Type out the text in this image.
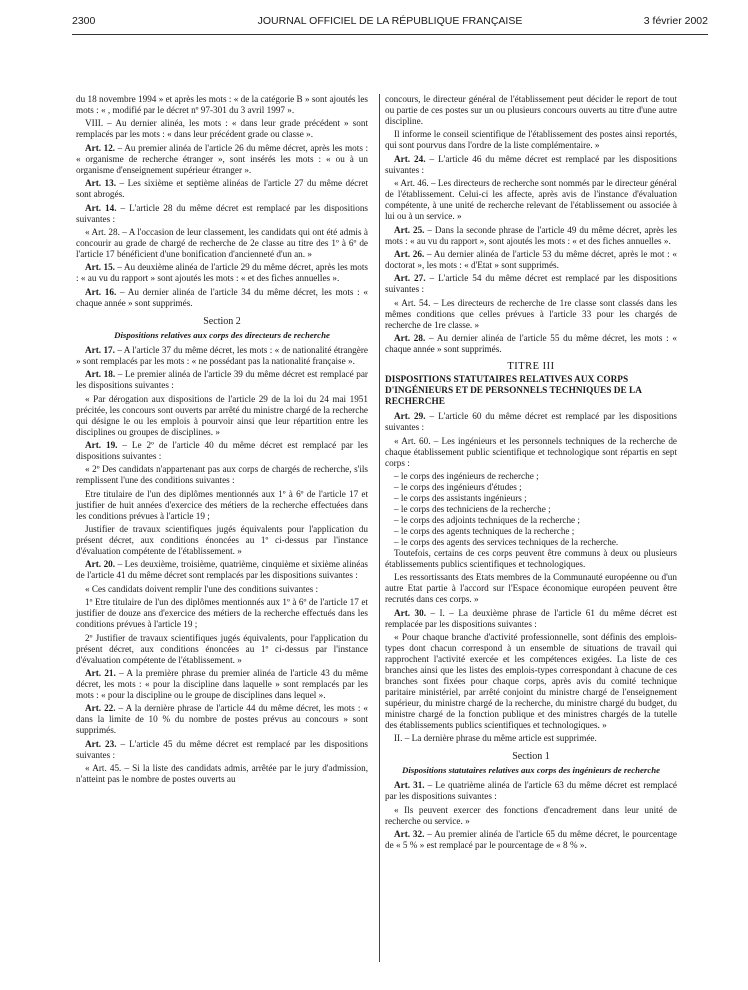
2300	JOURNAL OFFICIEL DE LA RÉPUBLIQUE FRANÇAISE	3 février 2002

du 18 novembre 1994 » et après les mots : « de la catégorie B » sont ajoutés les mots : « , modifié par le décret nº 97-301 du 3 avril 1997 ».

VIII. – Au dernier alinéa, les mots : « dans leur grade précédent » sont remplacés par les mots : « dans leur précédent grade ou classe ».

Art. 12. – Au premier alinéa de l'article 26 du même décret, après les mots : « organisme de recherche étranger », sont insérés les mots : « ou à un organisme d'enseignement supérieur étranger ».

Art. 13. – Les sixième et septième alinéas de l'article 27 du même décret sont abrogés.

Art. 14. – L'article 28 du même décret est remplacé par les dispositions suivantes :

« Art. 28. – A l'occasion de leur classement, les candidats qui ont été admis à concourir au grade de chargé de recherche de 2e classe au titre des 1º à 6º de l'article 17 bénéficient d'une bonification d'ancienneté d'un an. »

Art. 15. – Au deuxième alinéa de l'article 29 du même décret, après les mots : « au vu du rapport » sont ajoutés les mots : « et des fiches annuelles ».

Art. 16. – Au dernier alinéa de l'article 34 du même décret, les mots : « chaque année » sont supprimés.

Section 2
Dispositions relatives aux corps des directeurs de recherche

Art. 17. – A l'article 37 du même décret, les mots : « de nationalité étrangère » sont remplacés par les mots : « ne possédant pas la nationalité française ».

Art. 18. – Le premier alinéa de l'article 39 du même décret est remplacé par les dispositions suivantes :

« Par dérogation aux dispositions de l'article 29 de la loi du 24 mai 1951 précitée, les concours sont ouverts par arrêté du ministre chargé de la recherche qui désigne le ou les emplois à pourvoir ainsi que leur répartition entre les disciplines ou groupes de disciplines. »

Art. 19. – Le 2º de l'article 40 du même décret est remplacé par les dispositions suivantes :

« 2º Des candidats n'appartenant pas aux corps de chargés de recherche, s'ils remplissent l'une des conditions suivantes :

Etre titulaire de l'un des diplômes mentionnés aux 1º à 6º de l'article 17 et justifier de huit années d'exercice des métiers de la recherche effectuées dans les conditions prévues à l'article 19 ;

Justifier de travaux scientifiques jugés équivalents pour l'application du présent décret, aux conditions énoncées au 1º ci-dessus par l'instance d'évaluation compétente de l'établissement. »

Art. 20. – Les deuxième, troisième, quatrième, cinquième et sixième alinéas de l'article 41 du même décret sont remplacés par les dispositions suivantes :

« Ces candidats doivent remplir l'une des conditions suivantes :

1º Etre titulaire de l'un des diplômes mentionnés aux 1º à 6º de l'article 17 et justifier de douze ans d'exercice des métiers de la recherche effectués dans les conditions prévues à l'article 19 ;

2º Justifier de travaux scientifiques jugés équivalents, pour l'application du présent décret, aux conditions énoncées au 1º ci-dessus par l'instance d'évaluation compétente de l'établissement. »

Art. 21. – A la première phrase du premier alinéa de l'article 43 du même décret, les mots : « pour la discipline dans laquelle » sont remplacés par les mots : « pour la discipline ou le groupe de disciplines dans lequel ».

Art. 22. – A la dernière phrase de l'article 44 du même décret, les mots : « dans la limite de 10 % du nombre de postes prévus au concours » sont supprimés.

Art. 23. – L'article 45 du même décret est remplacé par les dispositions suivantes :

« Art. 45. – Si la liste des candidats admis, arrêtée par le jury d'admission, n'atteint pas le nombre de postes ouverts au

concours, le directeur général de l'établissement peut décider le report de tout ou partie de ces postes sur un ou plusieurs concours ouverts au titre d'une autre discipline.

Il informe le conseil scientifique de l'établissement des postes ainsi reportés, qui sont pourvus dans l'ordre de la liste complémentaire. »

Art. 24. – L'article 46 du même décret est remplacé par les dispositions suivantes :

« Art. 46. – Les directeurs de recherche sont nommés par le directeur général de l'établissement. Celui-ci les affecte, après avis de l'instance d'évaluation compétente, à une unité de recherche relevant de l'établissement ou associée à lui ou à un service. »

Art. 25. – Dans la seconde phrase de l'article 49 du même décret, après les mots : « au vu du rapport », sont ajoutés les mots : « et des fiches annuelles ».

Art. 26. – Au dernier alinéa de l'article 53 du même décret, après le mot : « doctorat », les mots : « d'Etat » sont supprimés.

Art. 27. – L'article 54 du même décret est remplacé par les dispositions suivantes :

« Art. 54. – Les directeurs de recherche de 1re classe sont classés dans les mêmes conditions que celles prévues à l'article 33 pour les chargés de recherche de 1re classe. »

Art. 28. – Au dernier alinéa de l'article 55 du même décret, les mots : « chaque année » sont supprimés.

TITRE III
DISPOSITIONS STATUTAIRES RELATIVES AUX CORPS D'INGÉNIEURS ET DE PERSONNELS TECHNIQUES DE LA RECHERCHE

Art. 29. – L'article 60 du même décret est remplacé par les dispositions suivantes :

« Art. 60. – Les ingénieurs et les personnels techniques de la recherche de chaque établissement public scientifique et technologique sont répartis en sept corps :

– le corps des ingénieurs de recherche ;
– le corps des ingénieurs d'études ;
– le corps des assistants ingénieurs ;
– le corps des techniciens de la recherche ;
– le corps des adjoints techniques de la recherche ;
– le corps des agents techniques de la recherche ;
– le corps des agents des services techniques de la recherche.

Toutefois, certains de ces corps peuvent être communs à deux ou plusieurs établissements publics scientifiques et technologiques.

Les ressortissants des Etats membres de la Communauté européenne ou d'un autre Etat partie à l'accord sur l'Espace économique européen peuvent être recrutés dans ces corps. »

Art. 30. – I. – La deuxième phrase de l'article 61 du même décret est remplacée par les dispositions suivantes :

« Pour chaque branche d'activité professionnelle, sont définis des emplois-types dont chacun correspond à un ensemble de situations de travail qui rapprochent l'activité exercée et les compétences exigées. La liste de ces branches ainsi que les listes des emplois-types correspondant à chacune de ces branches sont fixées pour chaque corps, après avis du comité technique paritaire ministériel, par arrêté conjoint du ministre chargé de l'enseignement supérieur, du ministre chargé de la recherche, du ministre chargé du budget, du ministre chargé de la fonction publique et des ministres chargés de la tutelle des établissements publics scientifiques et technologiques. »

II. – La dernière phrase du même article est supprimée.

Section 1
Dispositions statutaires relatives aux corps des ingénieurs de recherche

Art. 31. – Le quatrième alinéa de l'article 63 du même décret est remplacé par les dispositions suivantes :

« Ils peuvent exercer des fonctions d'encadrement dans leur unité de recherche ou service. »

Art. 32. – Au premier alinéa de l'article 65 du même décret, le pourcentage de « 5 % » est remplacé par le pourcentage de « 8 % ».
